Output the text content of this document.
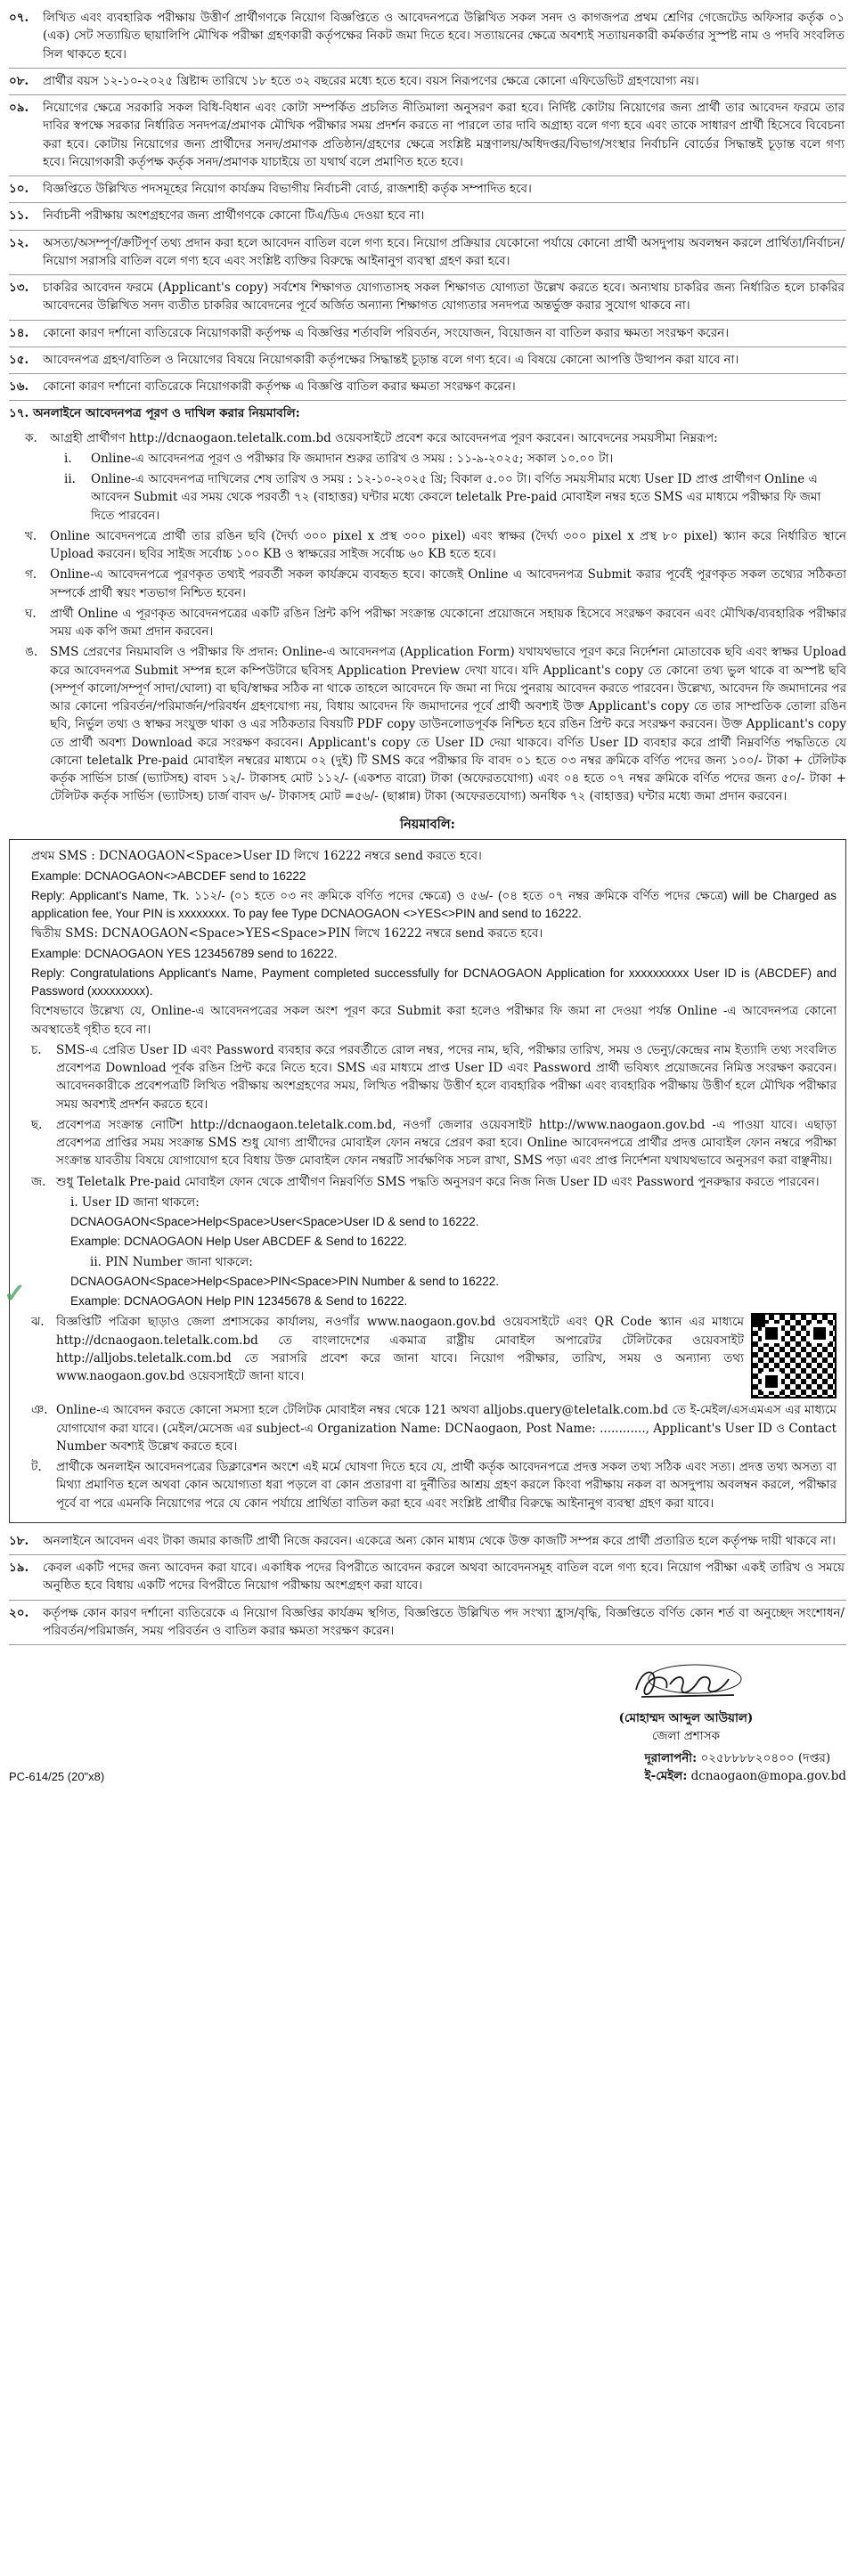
০৭.	লিখিত এবং ব্যবহারিক পরীক্ষায় উত্তীর্ণ প্রার্থীগণকে নিয়োগ বিজ্ঞপ্তিতে ও আবেদনপত্রে উল্লিখিত সকল সনদ ও কাগজপত্র প্রথম শ্রেণির গেজেটেড অফিসার কর্তৃক ০১ (এক) সেট সত্যায়িত ছায়ালিপি মৌখিক পরীক্ষা গ্রহণকারী কর্তৃপক্ষের নিকট জমা দিতে হবে। সত্যায়নের ক্ষেত্রে অবশ্যই সত্যায়নকারী কর্মকর্তার সুস্পষ্ট নাম ও পদবি সংবলিত সিল থাকতে হবে।
০৮.	প্রার্থীর বয়স ১২-১০-২০২৫ খ্রিষ্টাব্দ তারিখে ১৮ হতে ৩২ বছরের মধ্যে হতে হবে। বয়স নিরূপণের ক্ষেত্রে কোনো এফিডেভিট গ্রহণযোগ্য নয়।
০৯.	নিয়োগের ক্ষেত্রে সরকারি সকল বিধি-বিধান এবং কোটা সম্পর্কিত প্রচলিত নীতিমালা অনুসরণ করা হবে। নির্দিষ্ট কোটায় নিয়োগের জন্য প্রার্থী তার আবেদন ফরমে তার দাবির স্বপক্ষে সরকার নির্ধারিত সনদপত্র/প্রমাণক মৌখিক পরীক্ষার সময় প্রদর্শন করতে না পারলে তার দাবি অগ্রাহ্য বলে গণ্য হবে এবং তাকে সাধারণ প্রার্থী হিসেবে বিবেচনা করা হবে। কোটায় নিয়োগের জন্য প্রার্থীদের সনদ/প্রমাণক প্রতিষ্ঠান/গ্রহণের ক্ষেত্রে সংশ্লিষ্ট মন্ত্রণালয়/অধিদপ্তর/বিভাগ/সংস্থার নির্বাচনি বোর্ডের সিদ্ধান্তই চূড়ান্ত বলে গণ্য হবে। নিয়োগকারী কর্তৃপক্ষ কর্তৃক সনদ/প্রমাণক যাচাইয়ে তা যথার্থ বলে প্রমাণিত হতে হবে।
১০.	বিজ্ঞপ্তিতে উল্লিখিত পদসমূহের নিয়োগ কার্যক্রম বিভাগীয় নির্বাচনী বোর্ড, রাজশাহী কর্তৃক সম্পাদিত হবে।
১১.	নির্বাচনী পরীক্ষায় অংশগ্রহণের জন্য প্রার্থীগণকে কোনো টিএ/ডিএ দেওয়া হবে না।
১২.	অসত্য/অসম্পূর্ণ/ক্রটিপূর্ণ তথ্য প্রদান করা হলে আবেদন বাতিল বলে গণ্য হবে। নিয়োগ প্রক্রিয়ার যেকোনো পর্যায়ে কোনো প্রার্থী অসদুপায় অবলম্বন করলে প্রার্থিতা/নির্বাচন/নিয়োগ সরাসরি বাতিল বলে গণ্য হবে এবং সংশ্লিষ্ট ব্যক্তির বিরুদ্ধে আইনানুগ ব্যবস্থা গ্রহণ করা হবে।
১৩.	চাকরির আবেদন ফরমে (Applicant's copy) সর্বশেষ শিক্ষাগত যোগ্যতাসহ সকল শিক্ষাগত যোগ্যতা উল্লেখ করতে হবে। অন্যথায় চাকরির জন্য নির্ধারিত হলে চাকরির আবেদনের উল্লিখিত সনদ ব্যতীত চাকরির আবেদনের পূর্বে অর্জিত অন্যান্য শিক্ষাগত যোগ্যতার সনদপত্র অন্তর্ভুক্ত করার সুযোগ থাকবে না।
১৪.	কোনো কারণ দর্শানো ব্যতিরেকে নিয়োগকারী কর্তৃপক্ষ এ বিজ্ঞপ্তির শর্তাবলি পরিবর্তন, সংযোজন, বিয়োজন বা বাতিল করার ক্ষমতা সংরক্ষণ করেন।
১৫.	আবেদনপত্র গ্রহণ/বাতিল ও নিয়োগের বিষয়ে নিয়োগকারী কর্তৃপক্ষের সিদ্ধান্তই চূড়ান্ত বলে গণ্য হবে। এ বিষয়ে কোনো আপত্তি উত্থাপন করা যাবে না।
১৬.	কোনো কারণ দর্শানো ব্যতিরেকে নিয়োগকারী কর্তৃপক্ষ এ বিজ্ঞপ্তি বাতিল করার ক্ষমতা সংরক্ষণ করেন।
১৭. অনলাইনে আবেদনপত্র পূরণ ও দাখিল করার নিয়মাবলি:
ক.	আগ্রহী প্রার্থীগণ http://dcnaogaon.teletalk.com.bd ওয়েবসাইটে প্রবেশ করে আবেদনপত্র পূরণ করবেন। আবেদনের সময়সীমা নিম্নরূপ:
i.	Online-এ আবেদনপত্র পূরণ ও পরীক্ষার ফি জমাদান শুরুর তারিখ ও সময় : ১১-৯-২০২৫; সকাল ১০.০০ টা।
ii.	Online-এ আবেদনপত্র দাখিলের শেষ তারিখ ও সময় : ১২-১০-২০২৫ খ্রি; বিকাল ৫.০০ টা। বর্ণিত সময়সীমার মধ্যে User ID প্রাপ্ত প্রার্থীগণ Online এ আবেদন Submit এর সময় থেকে পরবর্তী ৭২ (বাহাত্তর) ঘন্টার মধ্যে কেবলে teletalk Pre-paid মোবাইল নম্বর হতে SMS এর মাধ্যমে পরীক্ষার ফি জমা দিতে পারবেন।
খ.	Online আবেদনপত্রে প্রার্থী তার রঙিন ছবি (দৈর্ঘ্য ৩০০ pixel x প্রস্থ ৩০০ pixel) এবং স্বাক্ষর (দৈর্ঘ্য ৩০০ pixel x প্রস্থ ৮০ pixel) স্ক্যান করে নির্ধারিত স্থানে Upload করবেন। ছবির সাইজ সর্বোচ্চ ১০০ KB ও স্বাক্ষরের সাইজ সর্বোচ্চ ৬০ KB হতে হবে।
গ.	Online-এ আবেদনপত্রে পূরণকৃত তথ্যই পরবর্তী সকল কার্যক্রমে ব্যবহৃত হবে। কাজেই Online এ আবেদনপত্র Submit করার পূর্বেই পূরণকৃত সকল তথ্যের সঠিকতা সম্পর্কে প্রার্থী স্বয়ং শতভাগ নিশ্চিত হবেন।
ঘ.	প্রার্থী Online এ পূরণকৃত আবেদনপত্রের একটি রঙিন প্রিন্ট কপি পরীক্ষা সংক্রান্ত যেকোনো প্রয়োজনে সহায়ক হিসেবে সংরক্ষণ করবেন এবং মৌখিক/ব্যবহারিক পরীক্ষার সময় এক কপি জমা প্রদান করবেন।
ঙ.	SMS প্রেরণের নিয়মাবলি ও পরীক্ষার ফি প্রদান: Online-এ আবেদনপত্র (Application Form) যথাযথভাবে পূরণ করে নির্দেশনা মোতাবেক ছবি এবং স্বাক্ষর Upload করে আবেদনপত্র Submit সম্পন্ন হলে কম্পিউটারে ছবিসহ Application Preview দেখা যাবে। যদি Applicant's copy তে কোনো তথ্য ভুল থাকে বা অস্পষ্ট ছবি (সম্পূর্ণ কালো/সম্পূর্ণ সাদা/ঘোলা) বা ছবি/স্বাক্ষর সঠিক না থাকে তাহলে আবেদনে ফি জমা না দিয়ে পুনরায় আবেদন করতে পারবেন। উল্লেখ্য, আবেদন ফি জমাদানের পর আর কোনো পরিবর্তন/পরিমার্জন/পরিবর্ধন গ্রহণযোগ্য নয়, বিধায় আবেদন ফি জমাদানের পূর্বে প্রার্থী অবশ্যই উক্ত Applicant's copy তে তার সাম্প্রতিক তোলা রঙিন ছবি, নির্ভুল তথ্য ও স্বাক্ষর সংযুক্ত থাকা ও এর সঠিকতার বিষয়টি PDF copy ডাউনলোডপূর্বক নিশ্চিত হবে রঙিন প্রিন্ট করে সংরক্ষণ করবেন। উক্ত Applicant's copy তে প্রার্থী অবশ্য Download করে সংরক্ষণ করবেন। Applicant's copy তে User ID দেয়া থাকবে। বর্ণিত User ID ব্যবহার করে প্রার্থী নিম্নবর্ণিত পদ্ধতিতে যে কোনো teletalk Pre-paid মোবাইল নম্বরের মাধ্যমে ০২ (দুই) টি SMS করে পরীক্ষার ফি বাবদ ০১ হতে ০৩ নম্বর ক্রমিকে বর্ণিত পদের জন্য ১০০/- টাকা + টেলিটক কর্তৃক সার্ভিস চার্জ (ভ্যাটসহ) বাবদ ১২/- টাকাসহ মোট ১১২/- (একশত বারো) টাকা (অফেরতযোগ্য) এবং ০৪ হতে ০৭ নম্বর ক্রমিকে বর্ণিত পদের জন্য ৫০/- টাকা + টেলিটক কর্তৃক সার্ভিস (ভ্যাটসহ) চার্জ বাবদ ৬/- টাকাসহ মোট =৫৬/- (ছাপ্পান্ন) টাকা (অফেরতযোগ্য) অনধিক ৭২ (বাহাত্তর) ঘন্টার মধ্যে জমা প্রদান করবেন।
নিয়মাবলি:
প্রথম SMS : DCNAOGAON<Space>User ID লিখে 16222 নম্বরে send করতে হবে।
Example: DCNAOGAON<>ABCDEF send to 16222
Reply: Applicant's Name, Tk. ১১২/- (০১ হতে ০৩ নং ক্রমিকে বর্ণিত পদের ক্ষেত্রে) ও ৫৬/- (০৪ হতে ০৭ নম্বর ক্রমিকে বর্ণিত পদের ক্ষেত্রে) will be Charged as application fee, Your PIN is xxxxxxxx. To pay fee Type DCNAOGAON <>YES<>PIN and send to 16222.
দ্বিতীয় SMS: DCNAOGAON<Space>YES<Space>PIN লিখে 16222 নম্বরে send করতে হবে।
Example: DCNAOGAON YES 123456789 send to 16222.
Reply: Congratulations Applicant's Name, Payment completed successfully for DCNAOGAON Application for xxxxxxxxxx User ID is (ABCDEF) and Password (xxxxxxxxx).
বিশেষভাবে উল্লেখ্য যে, Online-এ আবেদনপত্রের সকল অংশ পূরণ করে Submit করা হলেও পরীক্ষার ফি জমা না দেওয়া পর্যন্ত Online -এ আবেদনপত্র কোনো অবস্থাতেই গৃহীত হবে না।
চ.	SMS-এ প্রেরিত User ID এবং Password ব্যবহার করে পরবর্তীতে রোল নম্বর, পদের নাম, ছবি, পরীক্ষার তারিখ, সময় ও ভেন্যু/কেন্দ্রের নাম ইত্যাদি তথ্য সংবলিত প্রবেশপত্র Download পূর্বক রঙিন প্রিন্ট করে নিতে হবে। SMS এর মাধ্যমে প্রাপ্ত User ID এবং Password প্রার্থী ভবিষ্যৎ প্রয়োজনের নিমিত্ত সংরক্ষণ করবেন। আবেদনকারীকে প্রবেশপত্রটি লিখিত পরীক্ষায় অংশগ্রহণের সময়, লিখিত পরীক্ষায় উত্তীর্ণ হলে ব্যবহারিক পরীক্ষা এবং ব্যবহারিক পরীক্ষায় উত্তীর্ণ হলে মৌখিক পরীক্ষার সময় অবশ্যই প্রদর্শন করতে হবে।
ছ.	প্রবেশপত্র সংক্রান্ত নোটিশ http://dcnaogaon.teletalk.com.bd, নওগাঁ জেলার ওয়েবসাইট http://www.naogaon.gov.bd -এ পাওয়া যাবে। এছাড়া প্রবেশপত্র প্রাপ্তির সময় সংক্রান্ত SMS শুধু যোগ্য প্রার্থীদের মোবাইল ফোন নম্বরে প্রেরণ করা হবে। Online আবেদনপত্রে প্রার্থীর প্রদত্ত মোবাইল ফোন নম্বরে পরীক্ষা সংক্রান্ত যাবতীয় বিষয়ে যোগাযোগ হবে বিধায় উক্ত মোবাইল ফোন নম্বরটি সার্বক্ষণিক সচল রাখা, SMS পড়া এবং প্রাপ্ত নির্দেশনা যথাযথভাবে অনুসরণ করা বাঞ্ছনীয়।
জ. শুধু Teletalk Pre-paid মোবাইল ফোন থেকে প্রার্থীগণ নিম্নবর্ণিত SMS পদ্ধতি অনুসরণ করে নিজ নিজ User ID এবং Password পুনরুদ্ধার করতে পারবেন।
i. User ID জানা থাকলে:
DCNAOGAON<Space>Help<Space>User<Space>User ID & send to 16222.
Example: DCNAOGAON Help User ABCDEF & Send to 16222.
ii. PIN Number জানা থাকলে:
DCNAOGAON<Space>Help<Space>PIN<Space>PIN Number & send to 16222.
Example: DCNAOGAON Help PIN 12345678 & Send to 16222.
ঝ. বিজ্ঞপ্তিটি পত্রিকা ছাড়াও জেলা প্রশাসকের কার্যালয়, নওগাঁর www.naogaon.gov.bd ওয়েবসাইটে এবং QR Code স্ক্যান এর মাধ্যমে http://dcnaogaon.teletalk.com.bd তে বাংলাদেশের একমাত্র রাষ্ট্রীয় মোবাইল অপারেটর টেলিটকের ওয়েবসাইট http://alljobs.teletalk.com.bd তে সরাসরি প্রবেশ করে জানা যাবে। নিয়োগ পরীক্ষার, তারিখ, সময় ও অন্যান্য তথ্য www.naogaon.gov.bd ওয়েবসাইটে জানা যাবে।
ঞ. Online-এ আবেদন করতে কোনো সমস্যা হলে টেলিটক মোবাইল নম্বর থেকে 121 অথবা alljobs.query@teletalk.com.bd তে ই-মেইল/এসএমএস এর মাধ্যমে যোগাযোগ করা যাবে। (মেইল/মেসেজ এর subject-এ Organization Name: DCNaogaon, Post Name: ............, Applicant's User ID ও Contact Number অবশ্যই উল্লেখ করতে হবে।
ট.	প্রার্থীকে অনলাইন আবেদনপত্রের ডিক্লারেশন অংশে এই মর্মে ঘোষণা দিতে হবে যে, প্রার্থী কর্তৃক আবেদনপত্রে প্রদত্ত সকল তথ্য সঠিক এবং সত্য। প্রদত্ত তথ্য অসত্য বা মিথ্যা প্রমাণিত হলে অথবা কোন অযোগ্যতা ধরা পড়লে বা কোন প্রতারণা বা দুর্নীতির আশ্রয় গ্রহণ করলে কিংবা পরীক্ষায় নকল বা অসদুপায় অবলম্বন করলে, পরীক্ষার পূর্বে বা পরে এমনকি নিয়োগের পরে যে কোন পর্যায়ে প্রার্থিতা বাতিল করা হবে এবং সংশ্লিষ্ট প্রার্থীর বিরুদ্ধে আইনানুগ ব্যবস্থা গ্রহণ করা যাবে।
১৮.	অনলাইনে আবেদন এবং টাকা জমার কাজটি প্রার্থী নিজে করবেন। একেত্রে অন্য কোন মাধ্যম থেকে উক্ত কাজটি সম্পন্ন করে প্রার্থী প্রতারিত হলে কর্তৃপক্ষ দায়ী থাকবে না।
১৯.	কেবল একটি পদের জন্য আবেদন করা যাবে। একাধিক পদের বিপরীতে আবেদন করলে অথবা আবেদনসমূহ বাতিল বলে গণ্য হবে। নিয়োগ পরীক্ষা একই তারিখ ও সময়ে অনুষ্ঠিত হবে বিধায় একটি পদের বিপরীতে নিয়োগ পরীক্ষায় অংশগ্রহণ করা যাবে।
২০.	কর্তৃপক্ষ কোন কারণ দর্শানো ব্যতিরেকে এ নিয়োগ বিজ্ঞপ্তির কার্যক্রম স্থগিত, বিজ্ঞপ্তিতে উল্লিখিত পদ সংখ্যা হ্রাস/বৃদ্ধি, বিজ্ঞপ্তিতে বর্ণিত কোন শর্ত বা অনুচ্ছেদ সংশোধন/পরিবর্তন/পরিমার্জন, সময় পরিবর্তন ও বাতিল করার ক্ষমতা সংরক্ষণ করেন।
(মোহাম্মদ আব্দুল আউয়াল)
জেলা প্রশাসক
PC-614/25 (20"x8)
দূরালাপনী: ০২৫৮৮৮৮২০৪০০ (দপ্তর)
ই-মেইল: dcnaogaon@mopa.gov.bd
✓
